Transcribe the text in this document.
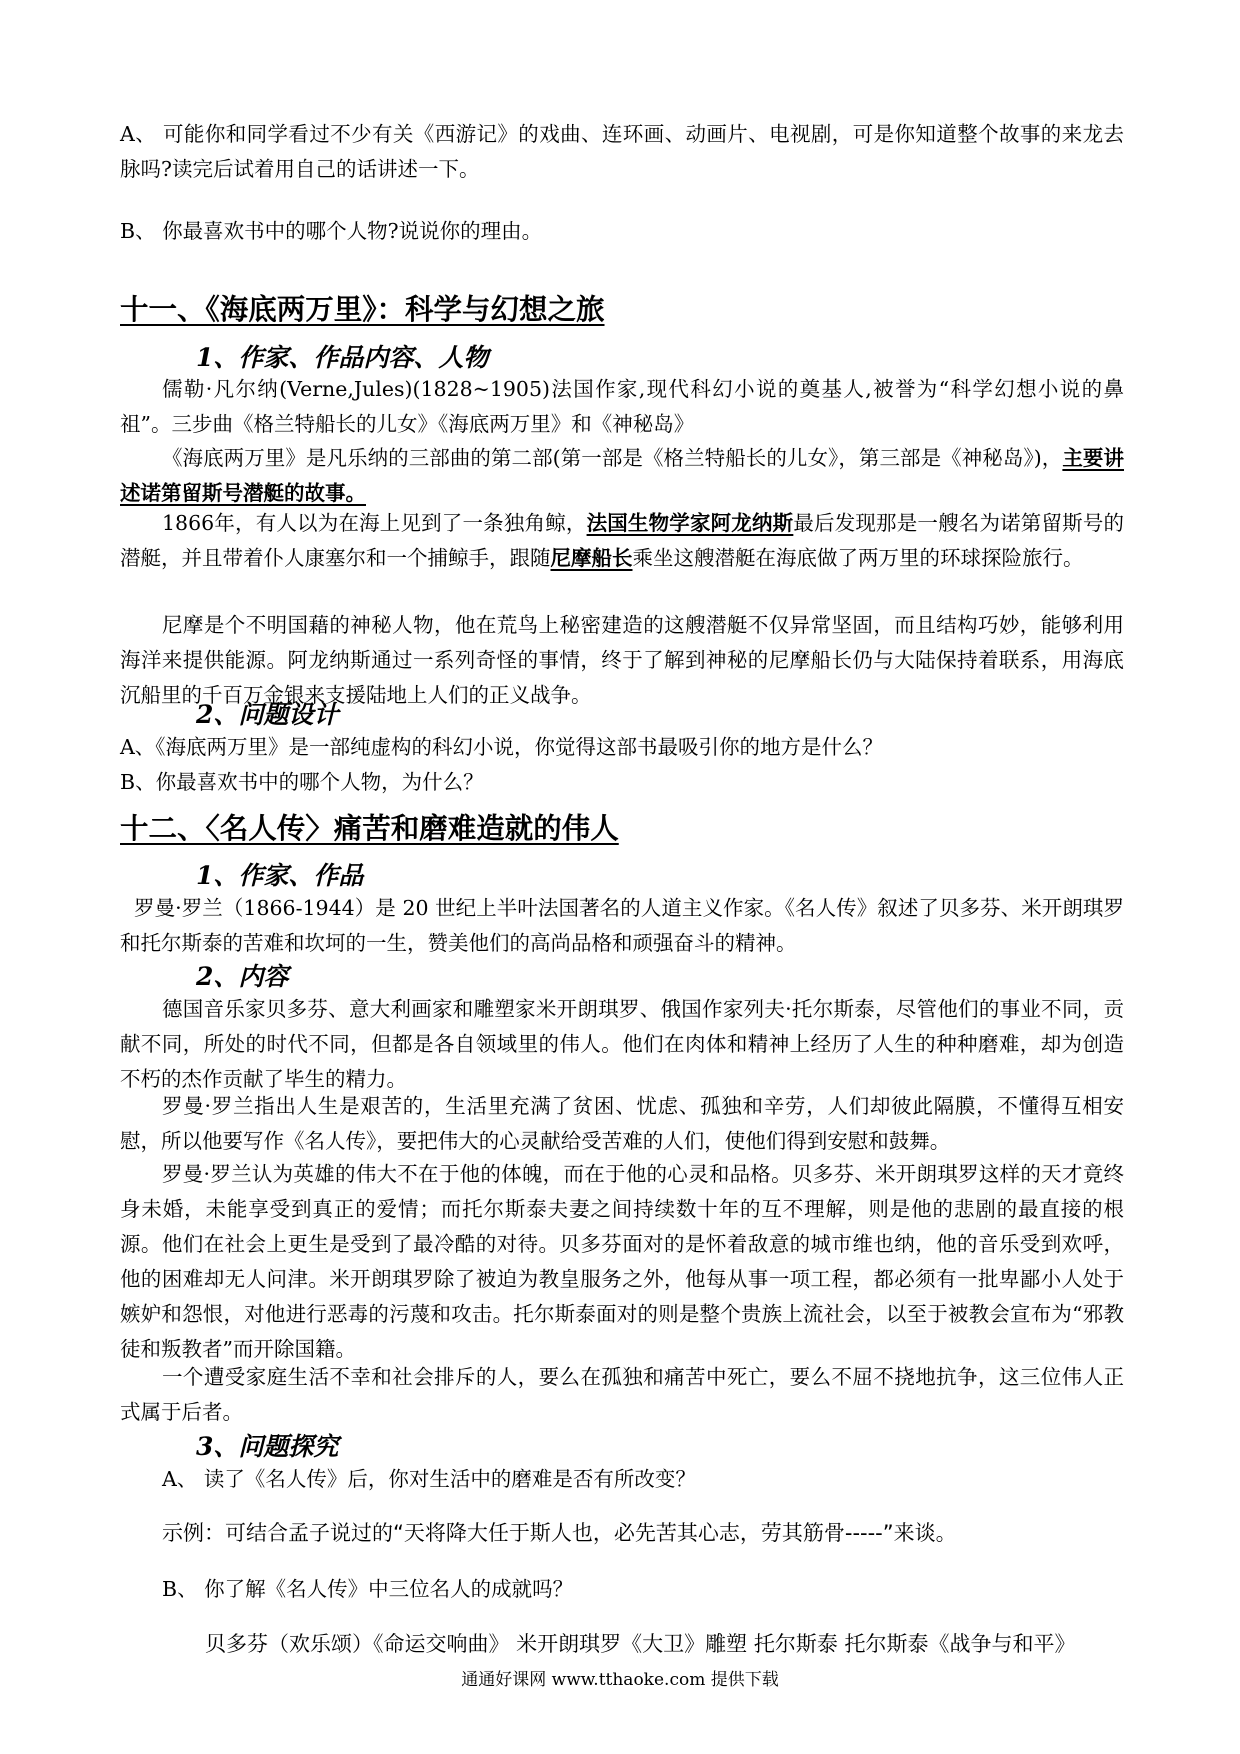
A、 可能你和同学看过不少有关《西游记》的戏曲、连环画、动画片、电视剧，可是你知道整个故事的来龙去脉吗?读完后试着用自己的话讲述一下。

B、 你最喜欢书中的哪个人物?说说你的理由。

十一、《海底两万里》：科学与幻想之旅
1、作家、作品内容、人物

儒勒·凡尔纳(Verne,Jules)(1828~1905)法国作家,现代科幻小说的奠基人,被誉为“科学幻想小说的鼻祖”。三步曲《格兰特船长的儿女》《海底两万里》和《神秘岛》

《海底两万里》是凡乐纳的三部曲的第二部(第一部是《格兰特船长的儿女》，第三部是《神秘岛》)，主要讲述诺第留斯号潜艇的故事。

1866年，有人以为在海上见到了一条独角鲸，法国生物学家阿龙纳斯最后发现那是一艘名为诺第留斯号的潜艇，并且带着仆人康塞尔和一个捕鲸手，跟随尼摩船长乘坐这艘潜艇在海底做了两万里的环球探险旅行。

尼摩是个不明国藉的神秘人物，他在荒鸟上秘密建造的这艘潜艇不仅异常坚固，而且结构巧妙，能够利用海洋来提供能源。阿龙纳斯通过一系列奇怪的事情，终于了解到神秘的尼摩船长仍与大陆保持着联系，用海底沉船里的千百万金银来支援陆地上人们的正义战争。

2、问题设计

A、《海底两万里》是一部纯虚构的科幻小说，你觉得这部书最吸引你的地方是什么？

B、你最喜欢书中的哪个人物，为什么？

十二、〈名人传〉痛苦和磨难造就的伟人
1、作家、作品

罗曼·罗兰（1866-1944）是 20 世纪上半叶法国著名的人道主义作家。《名人传》叙述了贝多芬、米开朗琪罗和托尔斯泰的苦难和坎坷的一生，赞美他们的高尚品格和顽强奋斗的精神。

2、内容

德国音乐家贝多芬、意大利画家和雕塑家米开朗琪罗、俄国作家列夫·托尔斯泰，尽管他们的事业不同，贡献不同，所处的时代不同，但都是各自领域里的伟人。他们在肉体和精神上经历了人生的种种磨难，却为创造不朽的杰作贡献了毕生的精力。

罗曼·罗兰指出人生是艰苦的，生活里充满了贫困、忧虑、孤独和辛劳，人们却彼此隔膜，不懂得互相安慰，所以他要写作《名人传》，要把伟大的心灵献给受苦难的人们，使他们得到安慰和鼓舞。

罗曼·罗兰认为英雄的伟大不在于他的体魄，而在于他的心灵和品格。贝多芬、米开朗琪罗这样的天才竟终身未婚，未能享受到真正的爱情；而托尔斯泰夫妻之间持续数十年的互不理解，则是他的悲剧的最直接的根源。他们在社会上更生是受到了最冷酷的对待。贝多芬面对的是怀着敌意的城市维也纳，他的音乐受到欢呼，他的困难却无人问津。米开朗琪罗除了被迫为教皇服务之外，他每从事一项工程，都必须有一批卑鄙小人处于嫉妒和怨恨，对他进行恶毒的污蔑和攻击。托尔斯泰面对的则是整个贵族上流社会，以至于被教会宣布为“邪教徒和叛教者”而开除国籍。

一个遭受家庭生活不幸和社会排斥的人，要么在孤独和痛苦中死亡，要么不屈不挠地抗争，这三位伟人正式属于后者。

3、问题探究

A、 读了《名人传》后，你对生活中的磨难是否有所改变？

示例：可结合孟子说过的“天将降大任于斯人也，必先苦其心志，劳其筋骨-----”来谈。

B、 你了解《名人传》中三位名人的成就吗？

贝多芬（欢乐颂）《命运交响曲》 米开朗琪罗《大卫》雕塑 托尔斯泰 托尔斯泰《战争与和平》

通通好课网 www.tthaoke.com 提供下载
